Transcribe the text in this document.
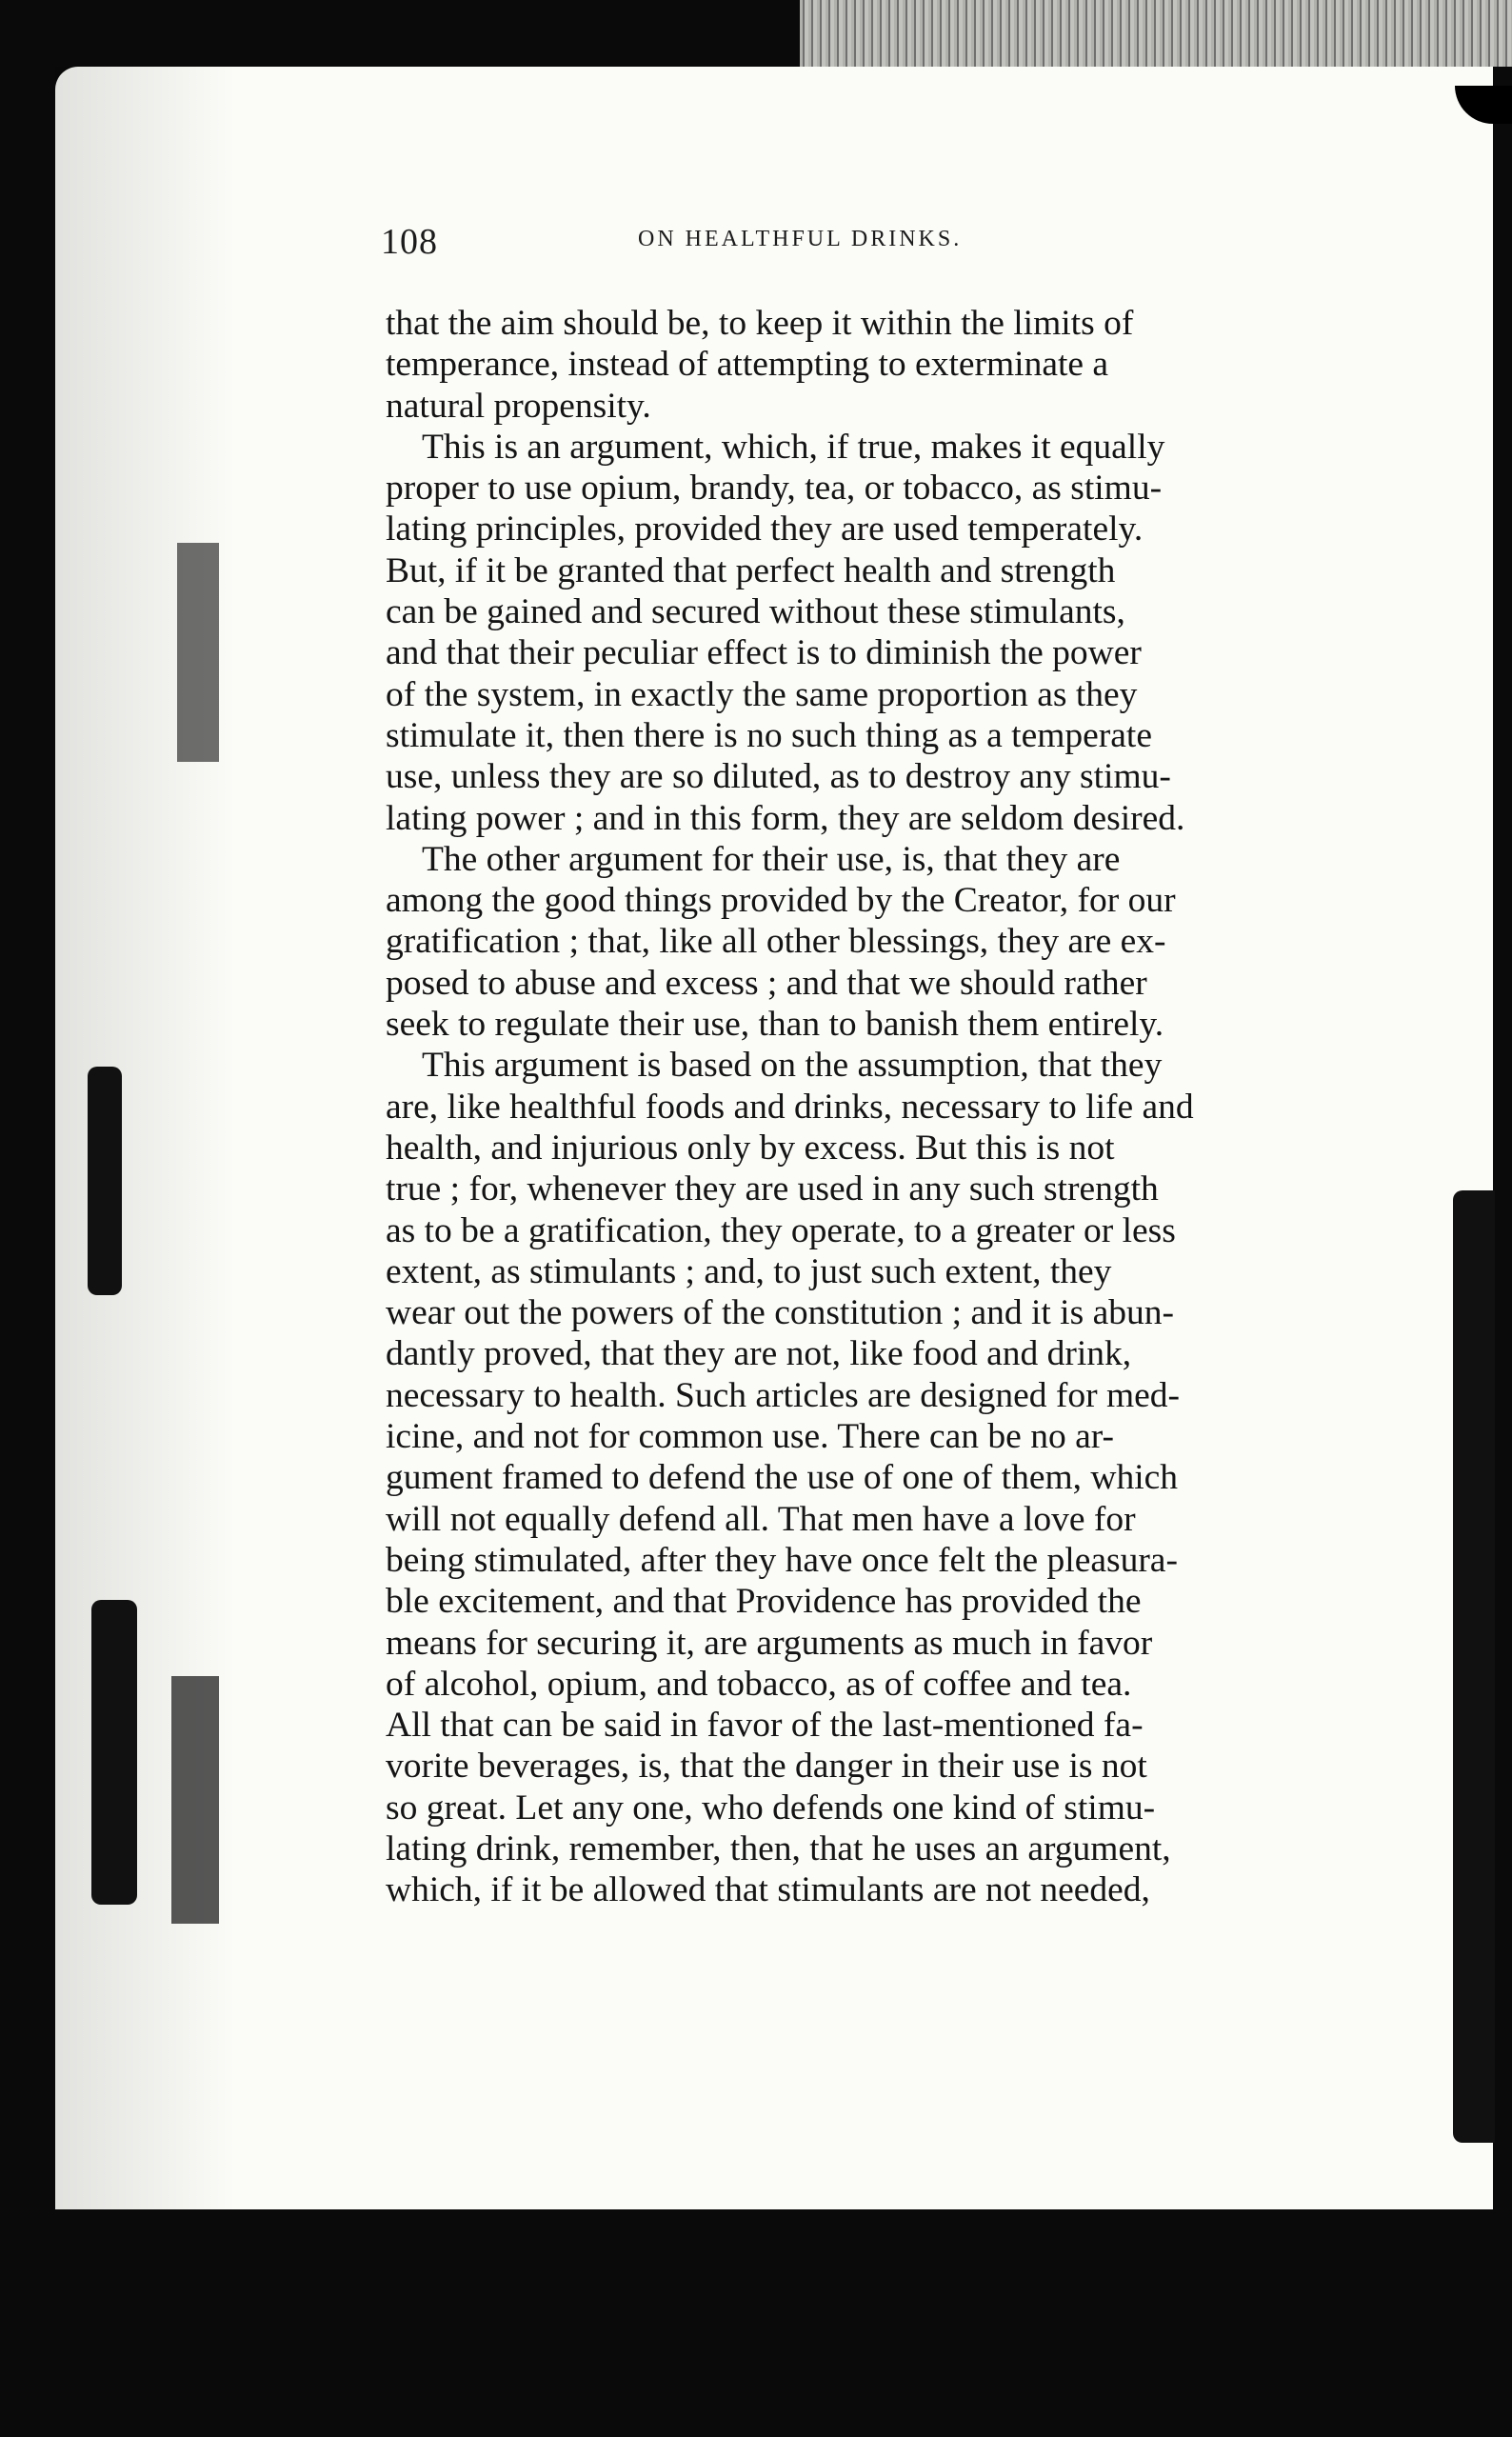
108	ON HEALTHFUL DRINKS.
that the aim should be, to keep it within the limits of
temperance, instead of attempting to exterminate a
natural propensity.
This is an argument, which, if true, makes it equally
proper to use opium, brandy, tea, or tobacco, as stimu-
lating principles, provided they are used temperately.
But, if it be granted that perfect health and strength
can be gained and secured without these stimulants,
and that their peculiar effect is to diminish the power
of the system, in exactly the same proportion as they
stimulate it, then there is no such thing as a temperate
use, unless they are so diluted, as to destroy any stimu-
lating power ; and in this form, they are seldom desired.
The other argument for their use, is, that they are
among the good things provided by the Creator, for our
gratification ; that, like all other blessings, they are ex-
posed to abuse and excess ; and that we should rather
seek to regulate their use, than to banish them entirely.
This argument is based on the assumption, that they
are, like healthful foods and drinks, necessary to life and
health, and injurious only by excess. But this is not
true ; for, whenever they are used in any such strength
as to be a gratification, they operate, to a greater or less
extent, as stimulants ; and, to just such extent, they
wear out the powers of the constitution ; and it is abun-
dantly proved, that they are not, like food and drink,
necessary to health. Such articles are designed for med-
icine, and not for common use. There can be no ar-
gument framed to defend the use of one of them, which
will not equally defend all. That men have a love for
being stimulated, after they have once felt the pleasura-
ble excitement, and that Providence has provided the
means for securing it, are arguments as much in favor
of alcohol, opium, and tobacco, as of coffee and tea.
All that can be said in favor of the last-mentioned fa-
vorite beverages, is, that the danger in their use is not
so great. Let any one, who defends one kind of stimu-
lating drink, remember, then, that he uses an argument,
which, if it be allowed that stimulants are not needed,
